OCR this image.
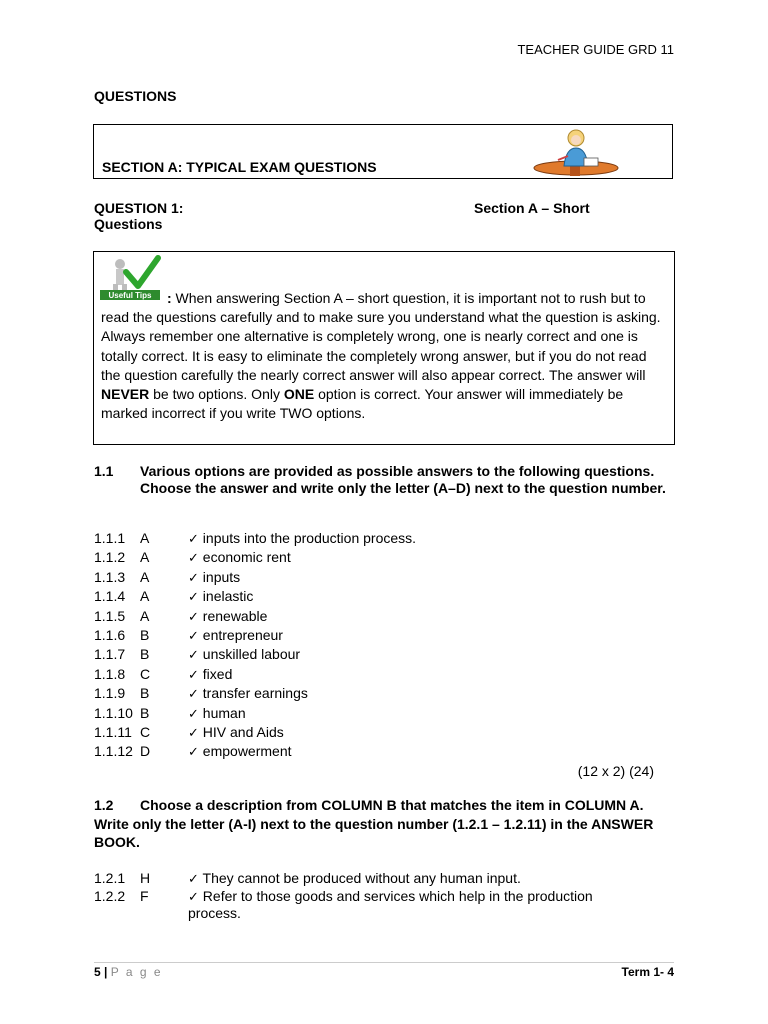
TEACHER GUIDE GRD 11
QUESTIONS
SECTION A: TYPICAL EXAM QUESTIONS
QUESTION 1:	Section A – Short
Questions
Useful Tips	: When answering Section A – short question, it is important not to rush but to read the questions carefully and to make sure you understand what the question is asking. Always remember one alternative is completely wrong, one is nearly correct and one is totally correct. It is easy to eliminate the completely wrong answer, but if you do not read the question carefully the nearly correct answer will also appear correct. The answer will NEVER be two options. Only ONE option is correct. Your answer will immediately be marked incorrect if you write TWO options.
1.1 Various options are provided as possible answers to the following questions. Choose the answer and write only the letter (A–D) next to the question number.
1.1.1 A	✓ inputs into the production process.
1.1.2 A	✓ economic rent
1.1.3 A	✓ inputs
1.1.4 A	✓ inelastic
1.1.5 A	✓ renewable
1.1.6 B	✓ entrepreneur
1.1.7 B	✓ unskilled labour
1.1.8 C	✓ fixed
1.1.9 B	✓ transfer earnings
1.1.10 B	✓ human
1.1.11 C	✓ HIV and Aids
1.1.12 D	✓ empowerment
(12 x 2) (24)
1.2 Choose a description from COLUMN B that matches the item in COLUMN A. Write only the letter (A-I) next to the question number (1.2.1 – 1.2.11) in the ANSWER BOOK.
1.2.1 H	✓ They cannot be produced without any human input.
1.2.2 F	✓ Refer to those goods and services which help in the production
process.
5 | P a g e	Term 1- 4
